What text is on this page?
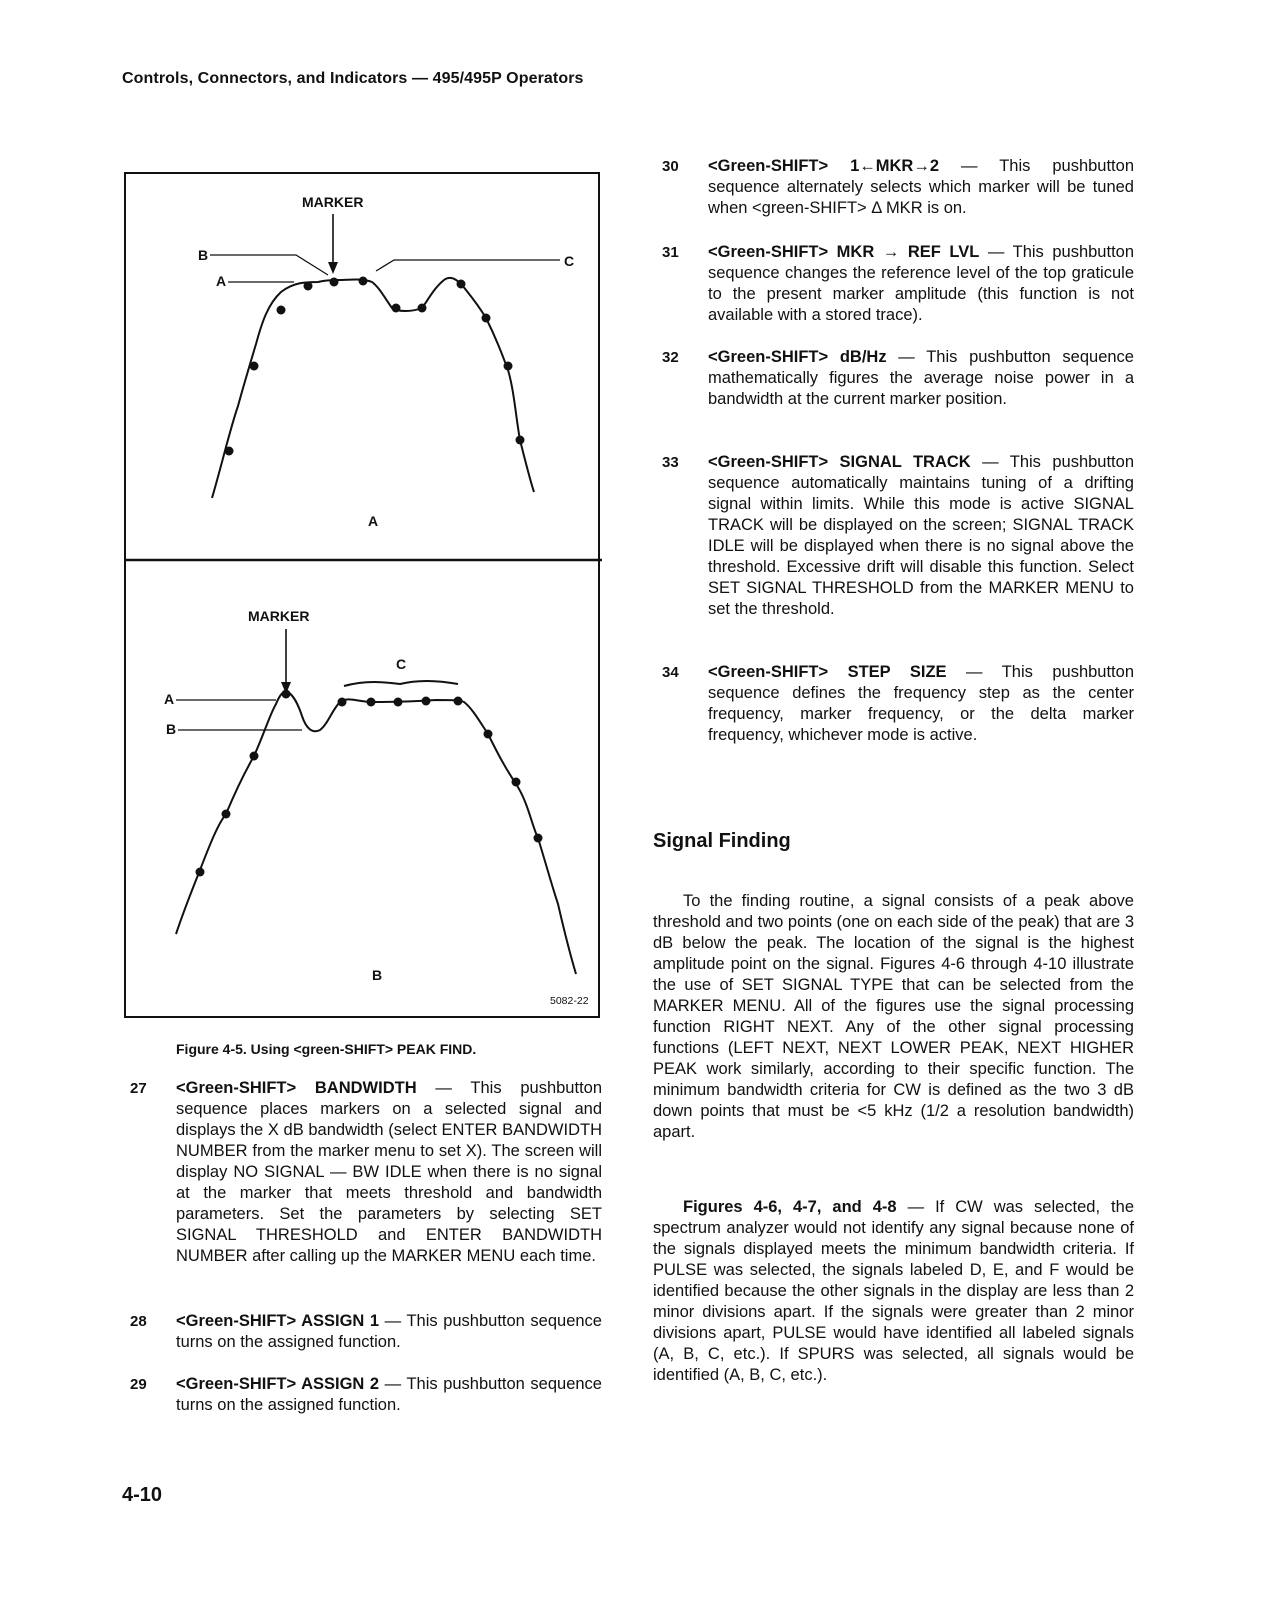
Controls, Connectors, and Indicators — 495/495P Operators
MARKER
B
A
C
A
MARKER
C
A
B
B
5082-22
Figure 4-5. Using <green-SHIFT> PEAK FIND.
27 <Green-SHIFT> BANDWIDTH — This pushbutton sequence places markers on a selected signal and displays the X dB bandwidth (select ENTER BANDWIDTH NUMBER from the marker menu to set X). The screen will display NO SIGNAL — BW IDLE when there is no signal at the marker that meets threshold and bandwidth parameters. Set the parameters by selecting SET SIGNAL THRESHOLD and ENTER BANDWIDTH NUMBER after calling up the MARKER MENU each time.
28 <Green-SHIFT> ASSIGN 1 — This pushbutton sequence turns on the assigned function.
29 <Green-SHIFT> ASSIGN 2 — This pushbutton sequence turns on the assigned function.
30 <Green-SHIFT> 1←MKR→2 — This pushbutton sequence alternately selects which marker will be tuned when <green-SHIFT> Δ MKR is on.
31 <Green-SHIFT> MKR → REF LVL — This pushbutton sequence changes the reference level of the top graticule to the present marker amplitude (this function is not available with a stored trace).
32 <Green-SHIFT> dB/Hz — This pushbutton sequence mathematically figures the average noise power in a bandwidth at the current marker position.
33 <Green-SHIFT> SIGNAL TRACK — This pushbutton sequence automatically maintains tuning of a drifting signal within limits. While this mode is active SIGNAL TRACK will be displayed on the screen; SIGNAL TRACK IDLE will be displayed when there is no signal above the threshold. Excessive drift will disable this function. Select SET SIGNAL THRESHOLD from the MARKER MENU to set the threshold.
34 <Green-SHIFT> STEP SIZE — This pushbutton sequence defines the frequency step as the center frequency, marker frequency, or the delta marker frequency, whichever mode is active.
Signal Finding
To the finding routine, a signal consists of a peak above threshold and two points (one on each side of the peak) that are 3 dB below the peak. The location of the signal is the highest amplitude point on the signal. Figures 4-6 through 4-10 illustrate the use of SET SIGNAL TYPE that can be selected from the MARKER MENU. All of the figures use the signal processing function RIGHT NEXT. Any of the other signal processing functions (LEFT NEXT, NEXT LOWER PEAK, NEXT HIGHER PEAK work similarly, according to their specific function. The minimum bandwidth criteria for CW is defined as the two 3 dB down points that must be <5 kHz (1/2 a resolution bandwidth) apart.
Figures 4-6, 4-7, and 4-8 — If CW was selected, the spectrum analyzer would not identify any signal because none of the signals displayed meets the minimum bandwidth criteria. If PULSE was selected, the signals labeled D, E, and F would be identified because the other signals in the display are less than 2 minor divisions apart. If the signals were greater than 2 minor divisions apart, PULSE would have identified all labeled signals (A, B, C, etc.). If SPURS was selected, all signals would be identified (A, B, C, etc.).
4-10
